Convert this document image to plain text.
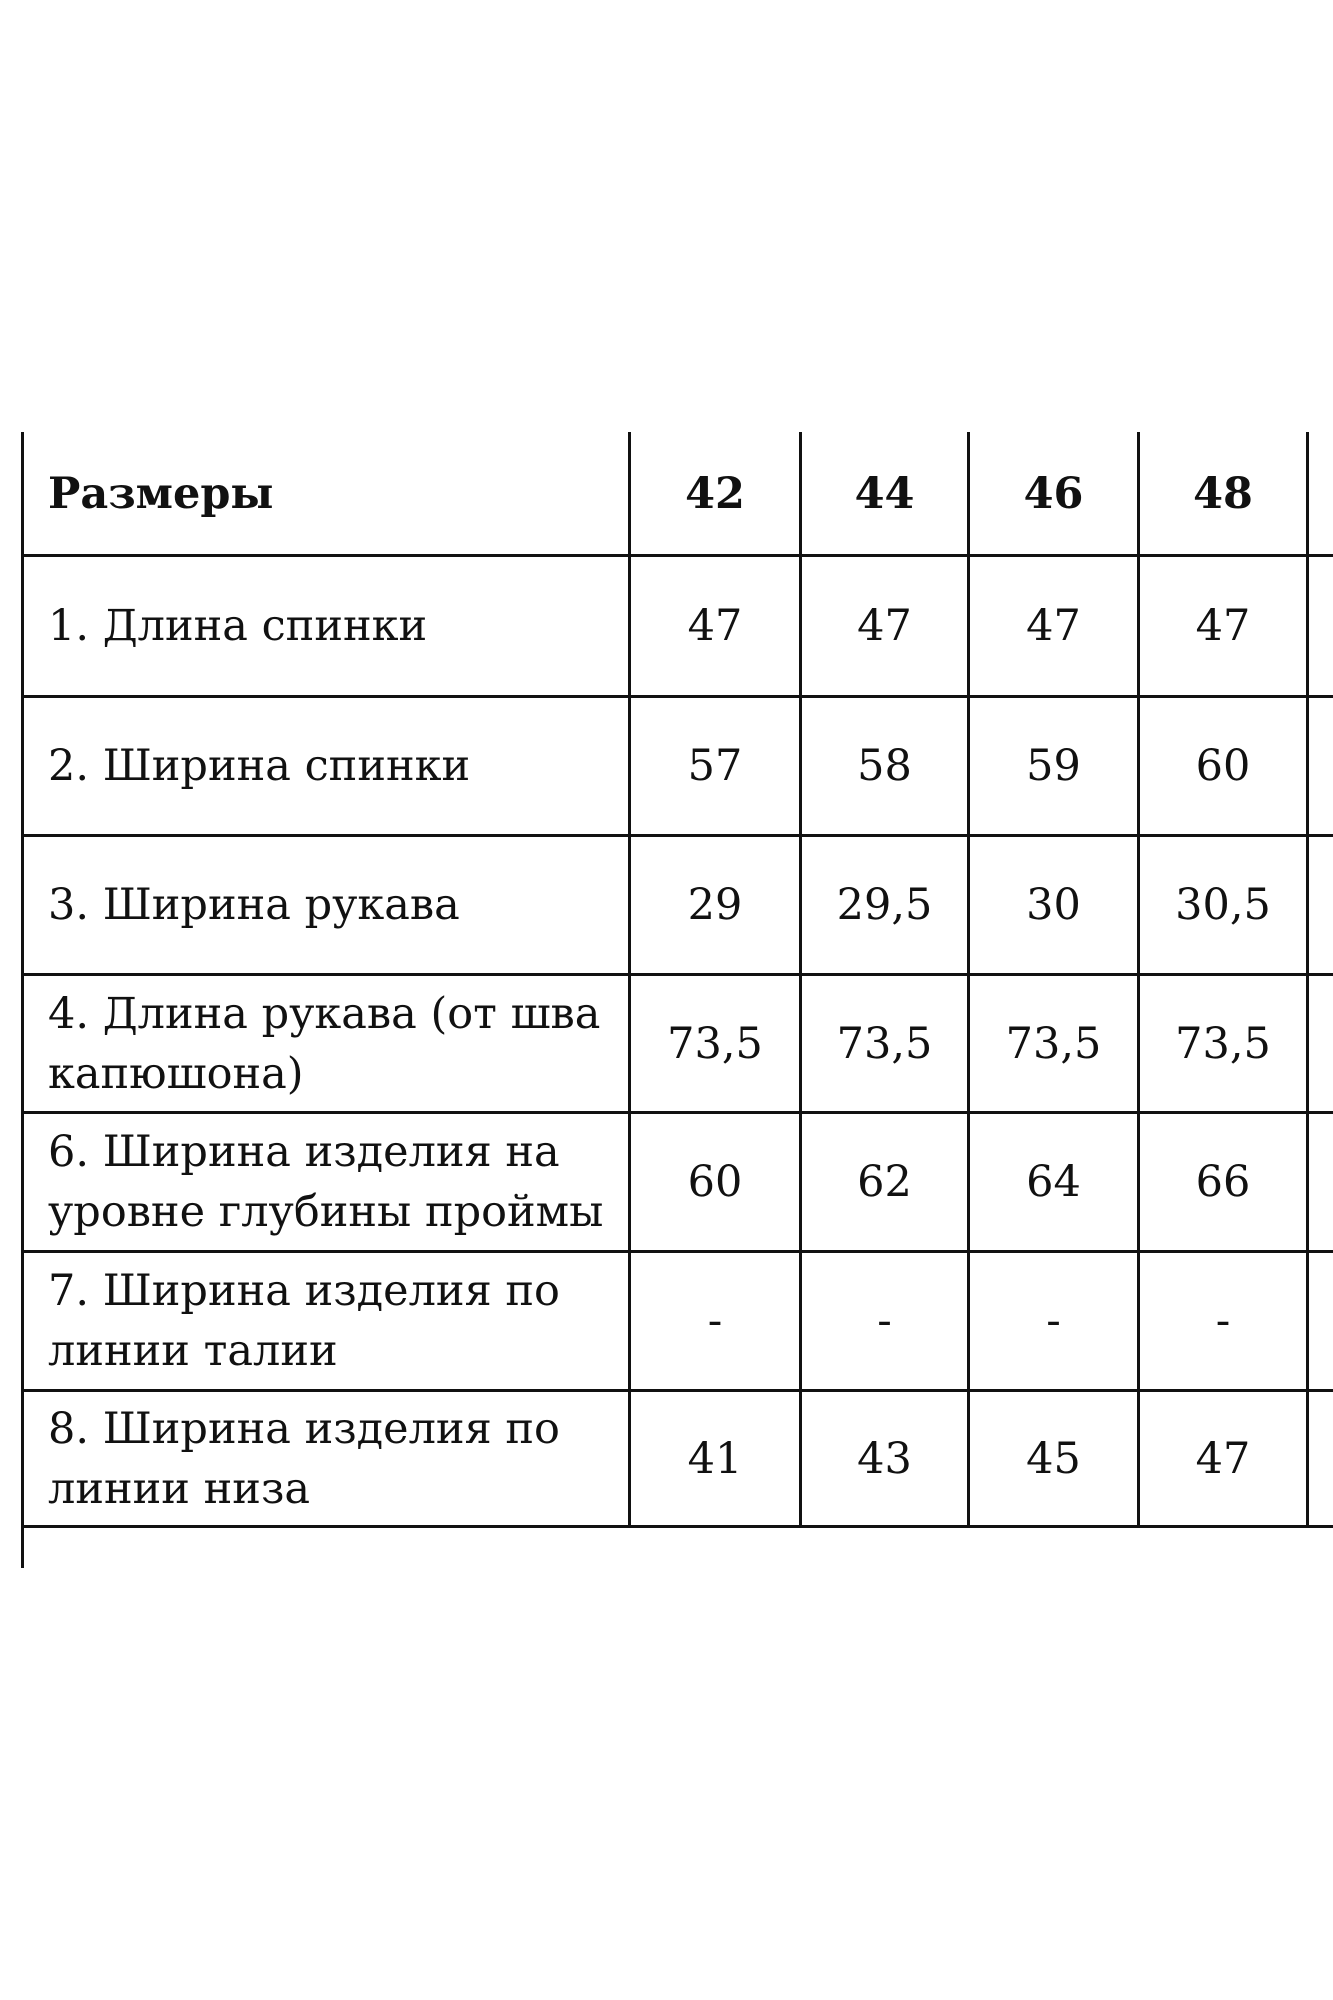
Размеры	42	44	46	48
1. Длина спинки	47	47	47	47
2. Ширина спинки	57	58	59	60
3. Ширина рукава	29	29,5	30	30,5
4. Длина рукава (от шва
капюшона)
73,5	73,5	73,5	73,5
6. Ширина изделия на
уровне глубины проймы
60	62	64	66
7. Ширина изделия по
линии талии
-	-	-	-
8. Ширина изделия по
линии низа
41	43	45	47
